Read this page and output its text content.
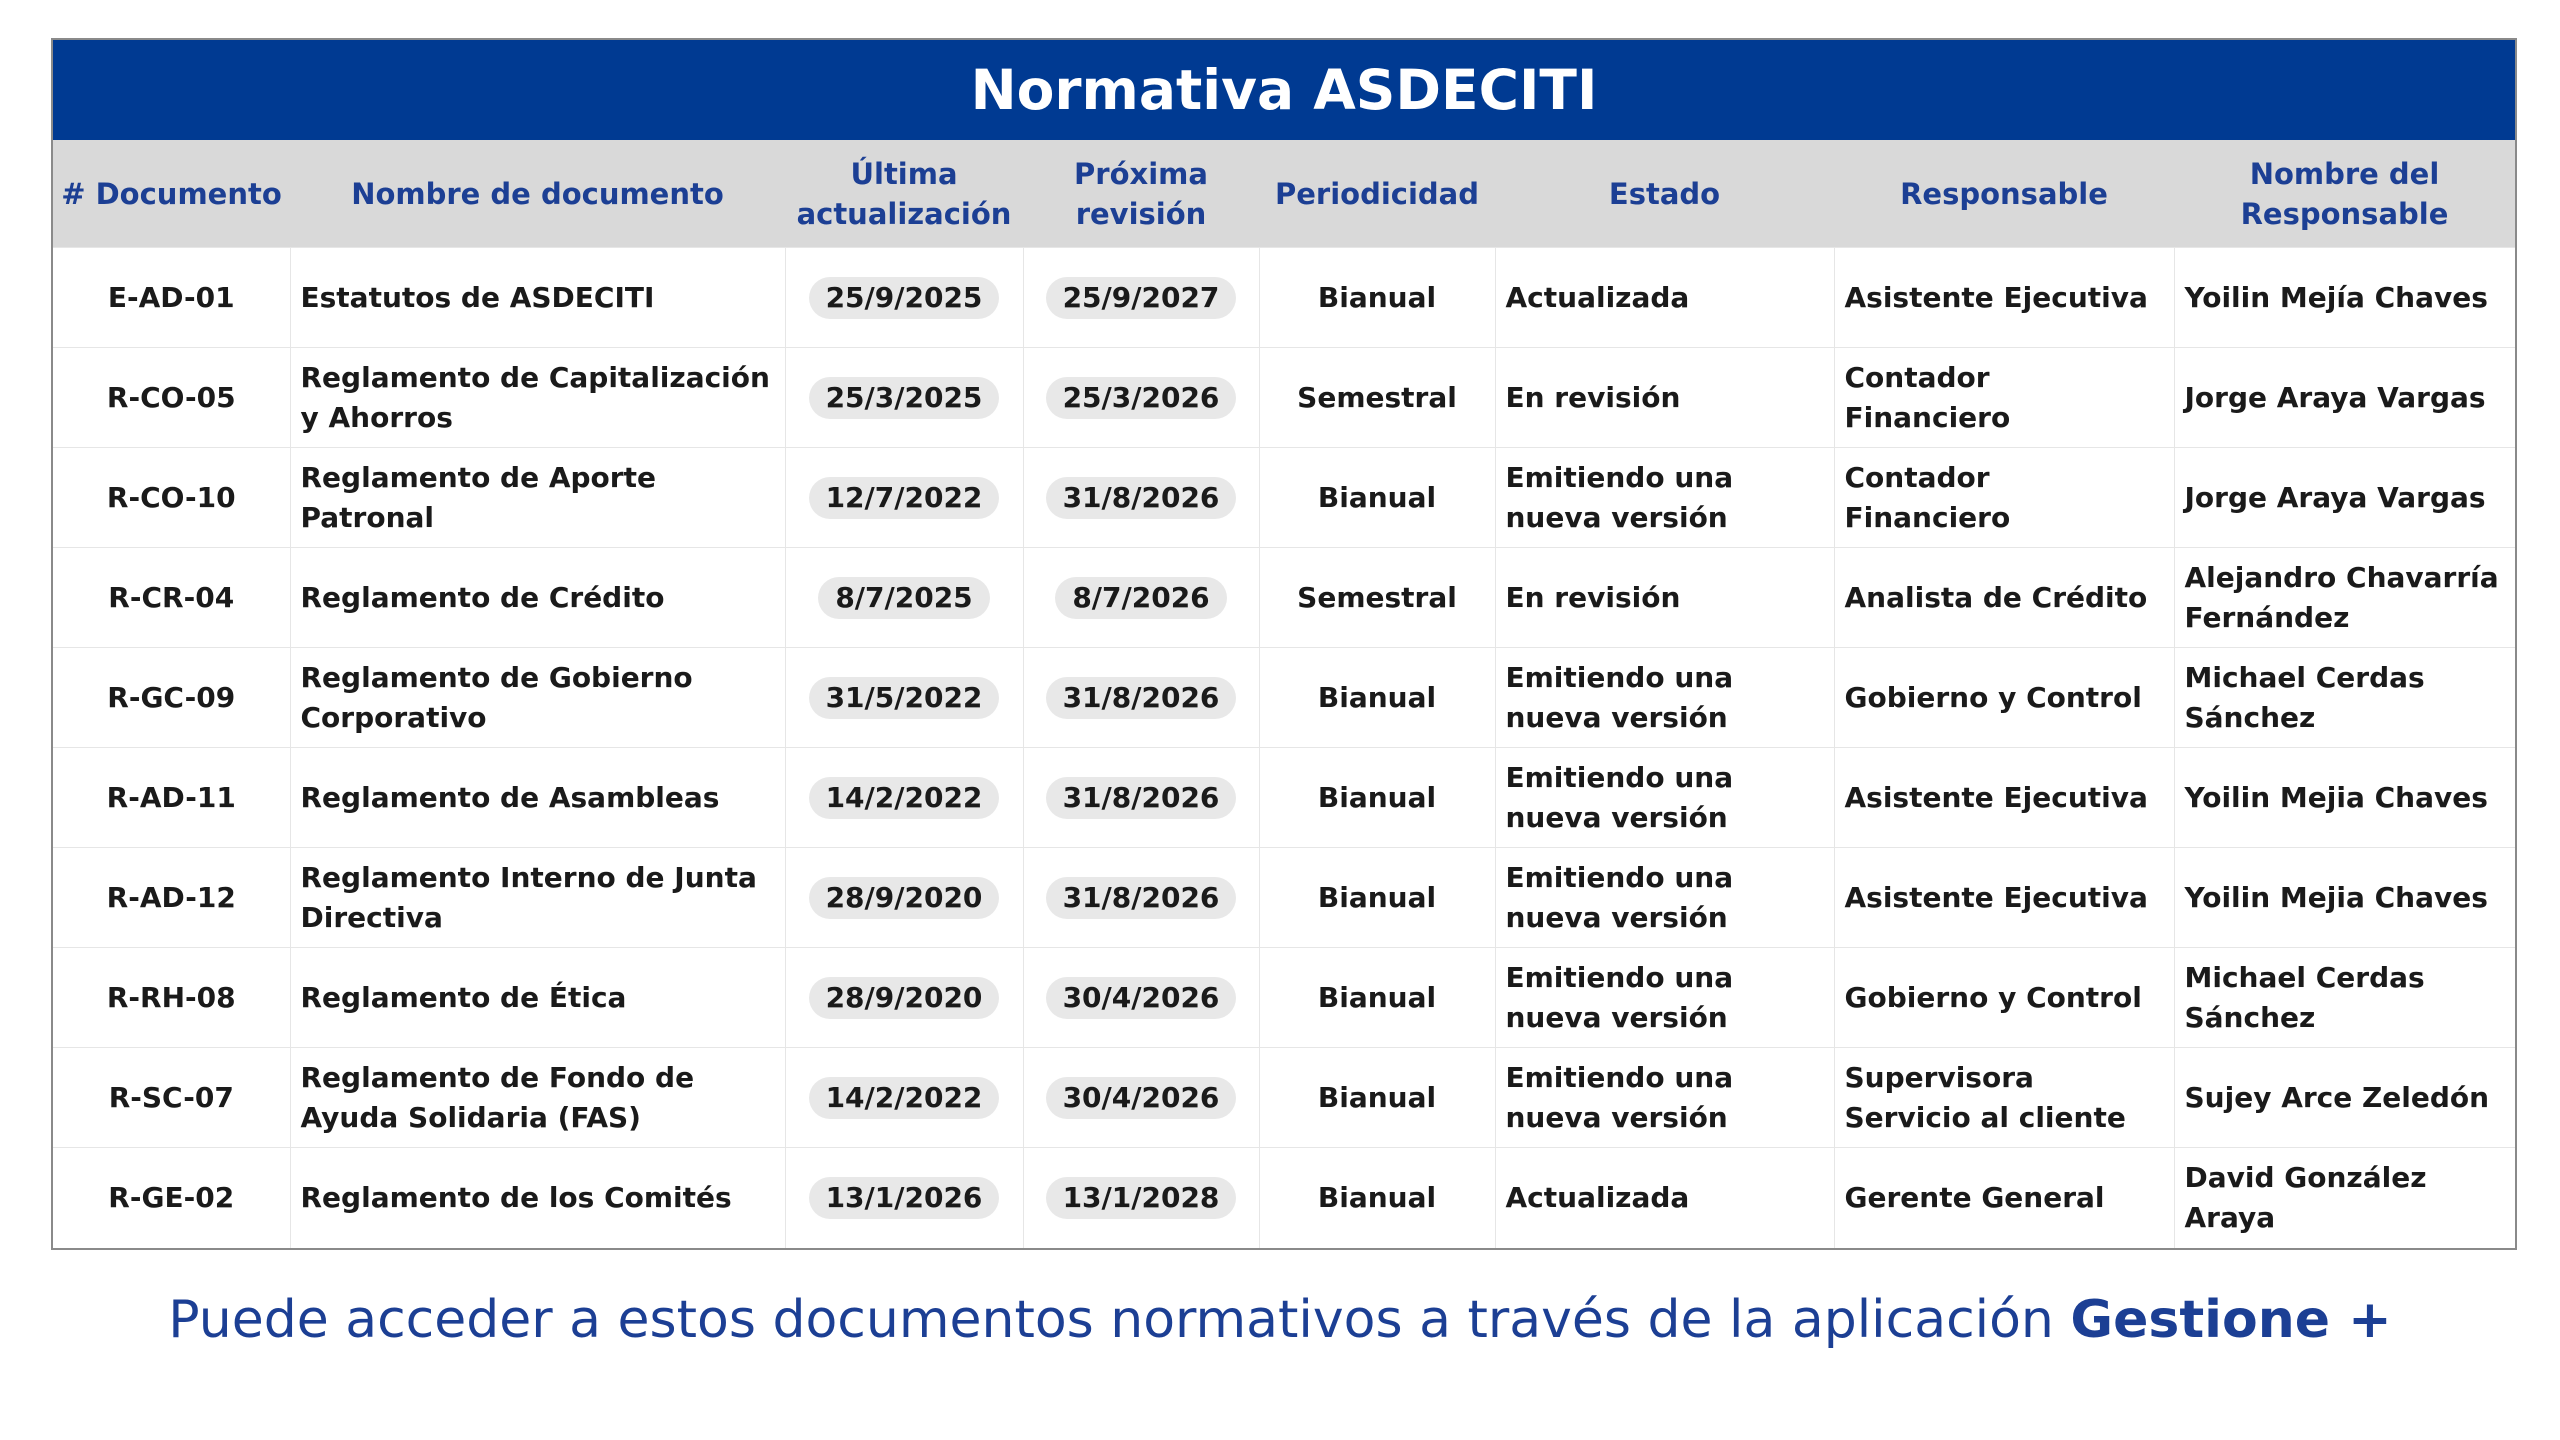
Normativa ASDECITI
# Documento	Nombre de documento	Última actualización	Próxima revisión	Periodicidad	Estado	Responsable	Nombre del Responsable
E-AD-01	Estatutos de ASDECITI	25/9/2025	25/9/2027	Bianual	Actualizada	Asistente Ejecutiva	Yoilin Mejía Chaves
R-CO-05	Reglamento de Capitalización y Ahorros	25/3/2025	25/3/2026	Semestral	En revisión	Contador Financiero	Jorge Araya Vargas
R-CO-10	Reglamento de Aporte Patronal	12/7/2022	31/8/2026	Bianual	Emitiendo una nueva versión	Contador Financiero	Jorge Araya Vargas
R-CR-04	Reglamento de Crédito	8/7/2025	8/7/2026	Semestral	En revisión	Analista de Crédito	Alejandro Chavarría Fernández
R-GC-09	Reglamento de Gobierno Corporativo	31/5/2022	31/8/2026	Bianual	Emitiendo una nueva versión	Gobierno y Control	Michael Cerdas Sánchez
R-AD-11	Reglamento de Asambleas	14/2/2022	31/8/2026	Bianual	Emitiendo una nueva versión	Asistente Ejecutiva	Yoilin Mejia Chaves
R-AD-12	Reglamento Interno de Junta Directiva	28/9/2020	31/8/2026	Bianual	Emitiendo una nueva versión	Asistente Ejecutiva	Yoilin Mejia Chaves
R-RH-08	Reglamento de Ética	28/9/2020	30/4/2026	Bianual	Emitiendo una nueva versión	Gobierno y Control	Michael Cerdas Sánchez
R-SC-07	Reglamento de Fondo de Ayuda Solidaria (FAS)	14/2/2022	30/4/2026	Bianual	Emitiendo una nueva versión	Supervisora Servicio al cliente	Sujey Arce Zeledón
R-GE-02	Reglamento de los Comités	13/1/2026	13/1/2028	Bianual	Actualizada	Gerente General	David González Araya
Puede acceder a estos documentos normativos a través de la aplicación Gestione +
